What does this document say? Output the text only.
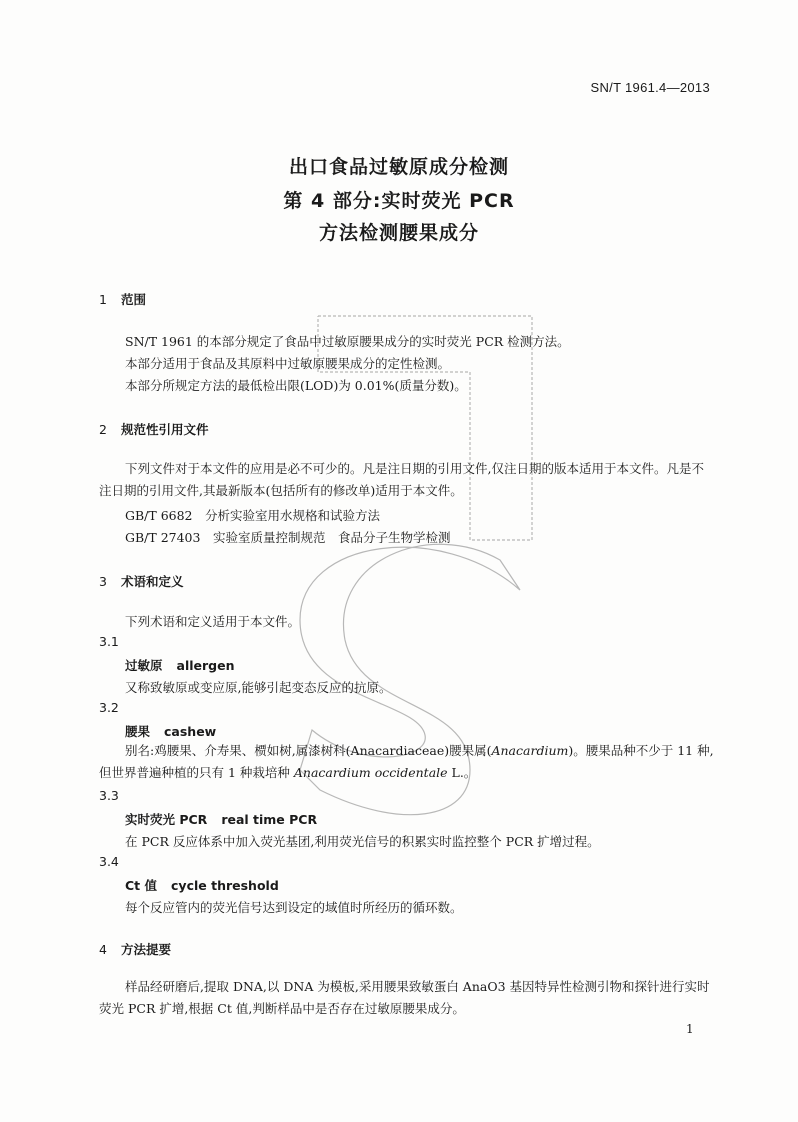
SN/T 1961.4—2013
出口食品过敏原成分检测
第 4 部分:实时荧光 PCR
方法检测腰果成分
1 范围
SN/T 1961 的本部分规定了食品中过敏原腰果成分的实时荧光 PCR 检测方法。
本部分适用于食品及其原料中过敏原腰果成分的定性检测。
本部分所规定方法的最低检出限(LOD)为 0.01%(质量分数)。
2 规范性引用文件
下列文件对于本文件的应用是必不可少的。凡是注日期的引用文件,仅注日期的版本适用于本文件。凡是不注日期的引用文件,其最新版本(包括所有的修改单)适用于本文件。
GB/T 6682　分析实验室用水规格和试验方法
GB/T 27403　实验室质量控制规范　食品分子生物学检测
3 术语和定义
下列术语和定义适用于本文件。
3.1
过敏原 allergen
又称致敏原或变应原,能够引起变态反应的抗原。
3.2
腰果 cashew
别名:鸡腰果、介寿果、槚如树,属漆树科(Anacardiaceae)腰果属(Anacardium)。腰果品种不少于 11 种,但世界普遍种植的只有 1 种栽培种 Anacardium occidentale L.。
3.3
实时荧光 PCR real time PCR
在 PCR 反应体系中加入荧光基团,利用荧光信号的积累实时监控整个 PCR 扩增过程。
3.4
Ct 值 cycle threshold
每个反应管内的荧光信号达到设定的域值时所经历的循环数。
4 方法提要
样品经研磨后,提取 DNA,以 DNA 为模板,采用腰果致敏蛋白 AnaO3 基因特异性检测引物和探针进行实时荧光 PCR 扩增,根据 Ct 值,判断样品中是否存在过敏原腰果成分。
1
